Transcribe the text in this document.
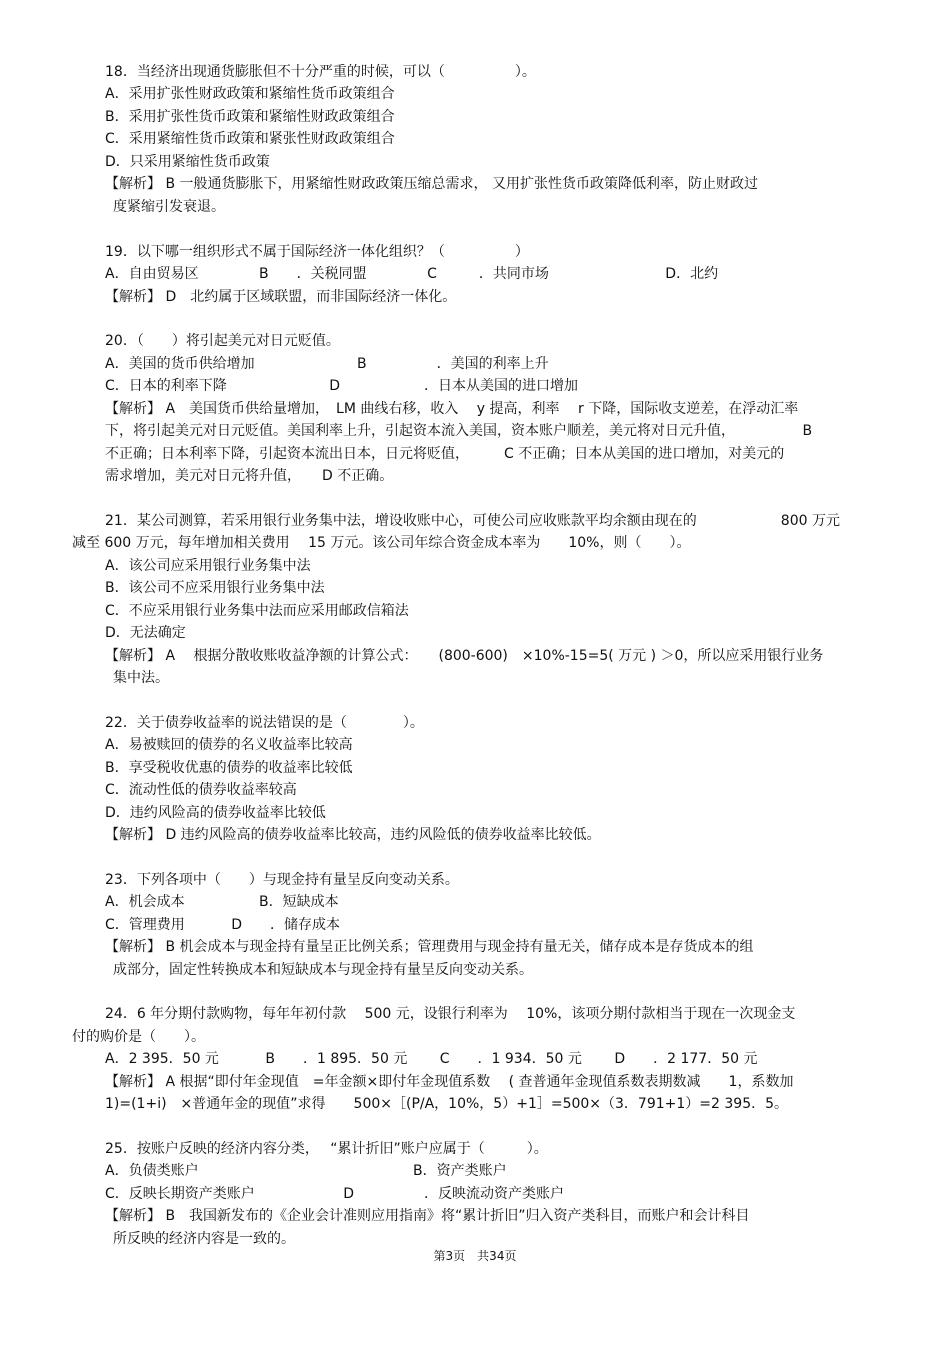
18．当经济出现通货膨胀但不十分严重的时候，可以（　　　　　）。
A．采用扩张性财政政策和紧缩性货币政策组合
B．采用扩张性货币政策和紧缩性财政政策组合
C．采用紧缩性货币政策和紧张性财政政策组合
D．只采用紧缩性货币政策
【解析】 B 一般通货膨胀下，用紧缩性财政政策压缩总需求， 又用扩张性货币政策降低利率，防止财政过
度紧缩引发衰退。
19．以下哪一组织形式不属于国际经济一体化组织？（　　　　　）
A．自由贸易区　　　　 B　　．关税同盟　　　　 C　　　．共同市场　　　　　　　　 D．北约
【解析】 D　北约属于区域联盟，而非国际经济一体化。
20．（　　）将引起美元对日元贬值。
A．美国的货币供给增加　　　　　　　 B　　　　　．美国的利率上升
C．日本的利率下降　　　　　　　 D　　　　　　．日本从美国的进口增加
【解析】 A　美国货币供给量增加，　LM 曲线右移，收入　 y 提高，利率　 r 下降，国际收支逆差，在浮动汇率
下，将引起美元对日元贬值。美国利率上升，引起资本流入美国，资本账户顺差，美元将对日元升值，　　　　　 B
不正确；日本利率下降，引起资本流出日本，日元将贬值，　　　C 不正确；日本从美国的进口增加，对美元的
需求增加，美元对日元将升值，　　D 不正确。
21．某公司测算，若采用银行业务集中法，增设收账中心，可使公司应收账款平均余额由现在的　　　　　　800 万元
减至 600 万元，每年增加相关费用　 15 万元。该公司年综合资金成本率为　　10%，则（　　）。
A．该公司应采用银行业务集中法
B．该公司不应采用银行业务集中法
C．不应采用银行业务集中法而应采用邮政信箱法
D．无法确定
【解析】 A　 根据分散收账收益净额的计算公式：　　(800-600)　×10%-15=5( 万元 ) ＞0，所以应采用银行业务
集中法。
22．关于债券收益率的说法错误的是（　　　　）。
A．易被赎回的债券的名义收益率比较高
B．享受税收优惠的债券的收益率比较低
C．流动性低的债券收益率较高
D．违约风险高的债券收益率比较低
【解析】 D 违约风险高的债券收益率比较高，违约风险低的债券收益率比较低。
23．下列各项中（　　）与现金持有量呈反向变动关系。
A．机会成本　　　　　 B．短缺成本
C．管理费用　　　 D　　．储存成本
【解析】 B 机会成本与现金持有量呈正比例关系；管理费用与现金持有量无关，储存成本是存货成本的组
成部分，固定性转换成本和短缺成本与现金持有量呈反向变动关系。
24．6 年分期付款购物，每年年初付款　 500 元，设银行利率为　 10%，该项分期付款相当于现在一次现金支
付的购价是（　　）。
A．2 395．50 元　　　 B　　．1 895．50 元　　 C　　．1 934．50 元　　 D　　．2 177．50 元
【解析】 A 根据“即付年金现值　=年金额×即付年金现值系数　 ( 查普通年金现值系数表期数减　　1，系数加
1)=(1+i)　×普通年金的现值”求得　　500×［(P/A，10%，5）+1］=500×（3．791+1）=2 395．5。
25．按账户反映的经济内容分类，　 “累计折旧”账户应属于（　　　）。
A．负债类账户　　　　　　　　　　　　　　　 B．资产类账户
C．反映长期资产类账户　　　　　　 D　　　　　．反映流动资产类账户
【解析】 B　我国新发布的《企业会计准则应用指南》将“累计折旧”归入资产类科目，而账户和会计科目
所反映的经济内容是一致的。
第3页　共34页
